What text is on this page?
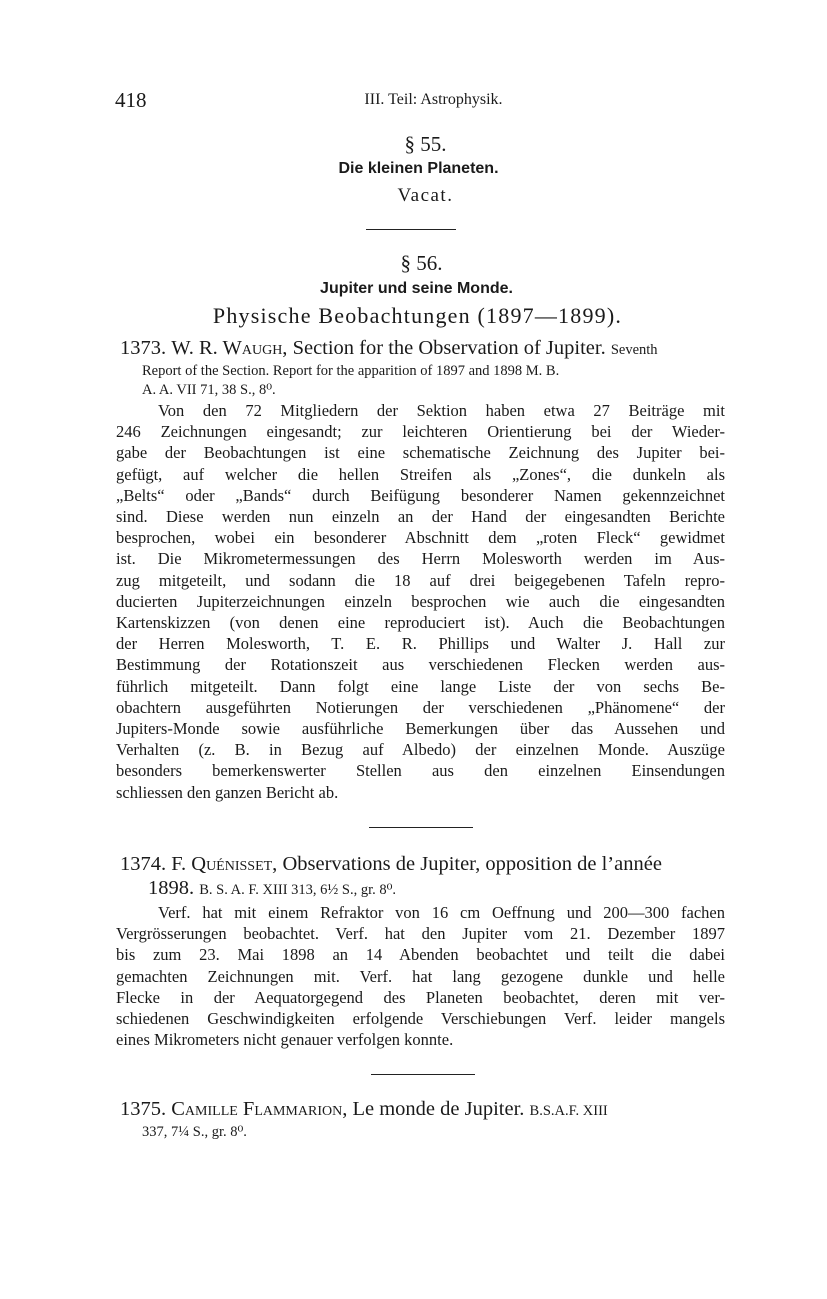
418	III. Teil: Astrophysik.
§ 55.
Die kleinen Planeten.
Vacat.
§ 56.
Jupiter und seine Monde.
Physische Beobachtungen (1897—1899).
1373. W. R. Waugh, Section for the Observation of Jupiter. Seventh
Report of the Section. Report for the apparition of 1897 and 1898 M. B.
A. A. VII 71, 38 S., 8⁰.
Von den 72 Mitgliedern der Sektion haben etwa 27 Beiträge mit
246 Zeichnungen eingesandt; zur leichteren Orientierung bei der Wieder-
gabe der Beobachtungen ist eine schematische Zeichnung des Jupiter bei-
gefügt, auf welcher die hellen Streifen als „Zones“, die dunkeln als
„Belts“ oder „Bands“ durch Beifügung besonderer Namen gekennzeichnet
sind. Diese werden nun einzeln an der Hand der eingesandten Berichte
besprochen, wobei ein besonderer Abschnitt dem „roten Fleck“ gewidmet
ist. Die Mikrometermessungen des Herrn Molesworth werden im Aus-
zug mitgeteilt, und sodann die 18 auf drei beigegebenen Tafeln repro-
ducierten Jupiterzeichnungen einzeln besprochen wie auch die eingesandten
Kartenskizzen (von denen eine reproduciert ist). Auch die Beobachtungen
der Herren Molesworth, T. E. R. Phillips und Walter J. Hall zur
Bestimmung der Rotationszeit aus verschiedenen Flecken werden aus-
führlich mitgeteilt. Dann folgt eine lange Liste der von sechs Be-
obachtern ausgeführten Notierungen der verschiedenen „Phänomene“ der
Jupiters-Monde sowie ausführliche Bemerkungen über das Aussehen und
Verhalten (z. B. in Bezug auf Albedo) der einzelnen Monde. Auszüge
besonders bemerkenswerter Stellen aus den einzelnen Einsendungen
schliessen den ganzen Bericht ab.
1374. F. Quénisset, Observations de Jupiter, opposition de l’année
1898. B. S. A. F. XIII 313, 6½ S., gr. 8⁰.
Verf. hat mit einem Refraktor von 16 cm Oeffnung und 200—300 fachen
Vergrösserungen beobachtet. Verf. hat den Jupiter vom 21. Dezember 1897
bis zum 23. Mai 1898 an 14 Abenden beobachtet und teilt die dabei
gemachten Zeichnungen mit. Verf. hat lang gezogene dunkle und helle
Flecke in der Aequatorgegend des Planeten beobachtet, deren mit ver-
schiedenen Geschwindigkeiten erfolgende Verschiebungen Verf. leider mangels
eines Mikrometers nicht genauer verfolgen konnte.
1375. Camille Flammarion, Le monde de Jupiter. B.S.A.F. XIII
337, 7¼ S., gr. 8⁰.
